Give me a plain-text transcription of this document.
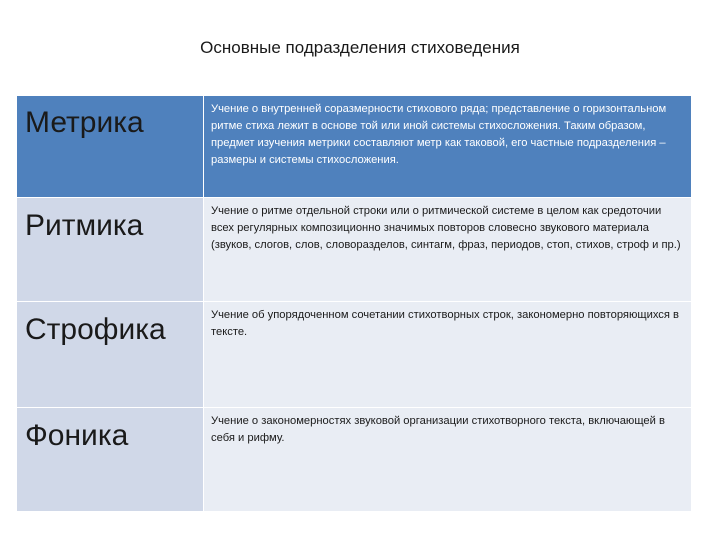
Основные подразделения стиховедения
Метрика	Учение о внутренней соразмерности стихового ряда; представление о горизонтальном ритме стиха лежит в основе той или иной системы стихосложения. Таким образом, предмет изучения метрики составляют метр как таковой, его частные подразделения – размеры и системы стихосложения.

Ритмика	Учение о ритме отдельной строки или о ритмической системе в целом как средоточии всех регулярных композиционно значимых повторов словесно звукового материала (звуков, слогов, слов, словоразделов, синтагм, фраз, периодов, стоп, стихов, строф и пр.)

Строфика	Учение об упорядоченном сочетании стихотворных строк, закономерно повторяющихся в тексте.

Фоника	Учение о закономерностях звуковой организации стихотворного текста, включающей в себя и рифму.
